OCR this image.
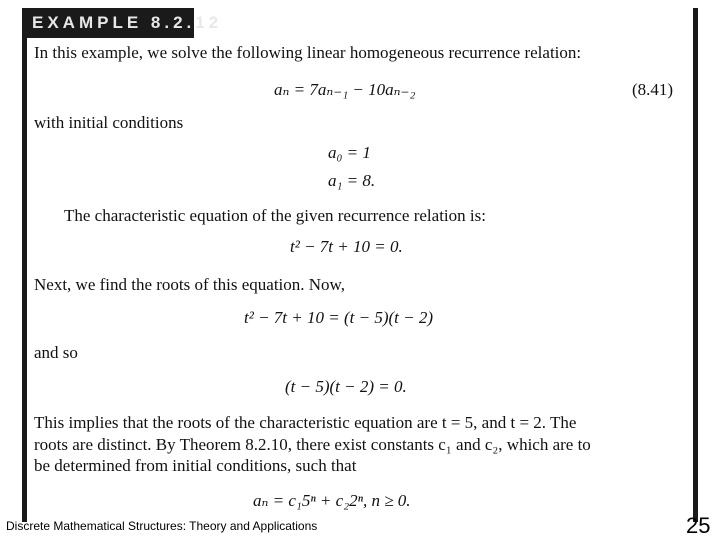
EXAMPLE 8.2.12
In this example, we solve the following linear homogeneous recurrence relation:
aₙ = 7aₙ₋₁ − 10aₙ₋₂	(8.41)
with initial conditions
a₀ = 1
a₁ = 8.
The characteristic equation of the given recurrence relation is:
t² − 7t + 10 = 0.
Next, we find the roots of this equation. Now,
t² − 7t + 10 = (t − 5)(t − 2)
and so
(t − 5)(t − 2) = 0.
This implies that the roots of the characteristic equation are t = 5, and t = 2. The
roots are distinct. By Theorem 8.2.10, there exist constants c₁ and c₂, which are to
be determined from initial conditions, such that
aₙ = c₁5ⁿ + c₂2ⁿ, n ≥ 0.
Discrete Mathematical Structures: Theory and Applications	25
